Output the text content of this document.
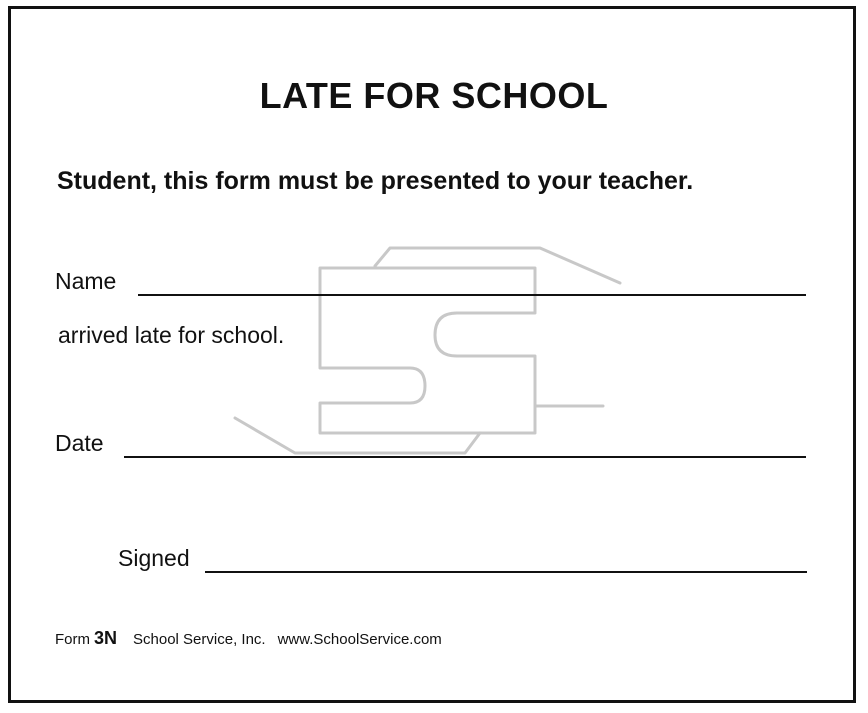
LATE FOR SCHOOL
Student, this form must be presented to your teacher.
Name
arrived late for school.
Date
Signed
Form 3N School Service, Inc. www.SchoolService.com
